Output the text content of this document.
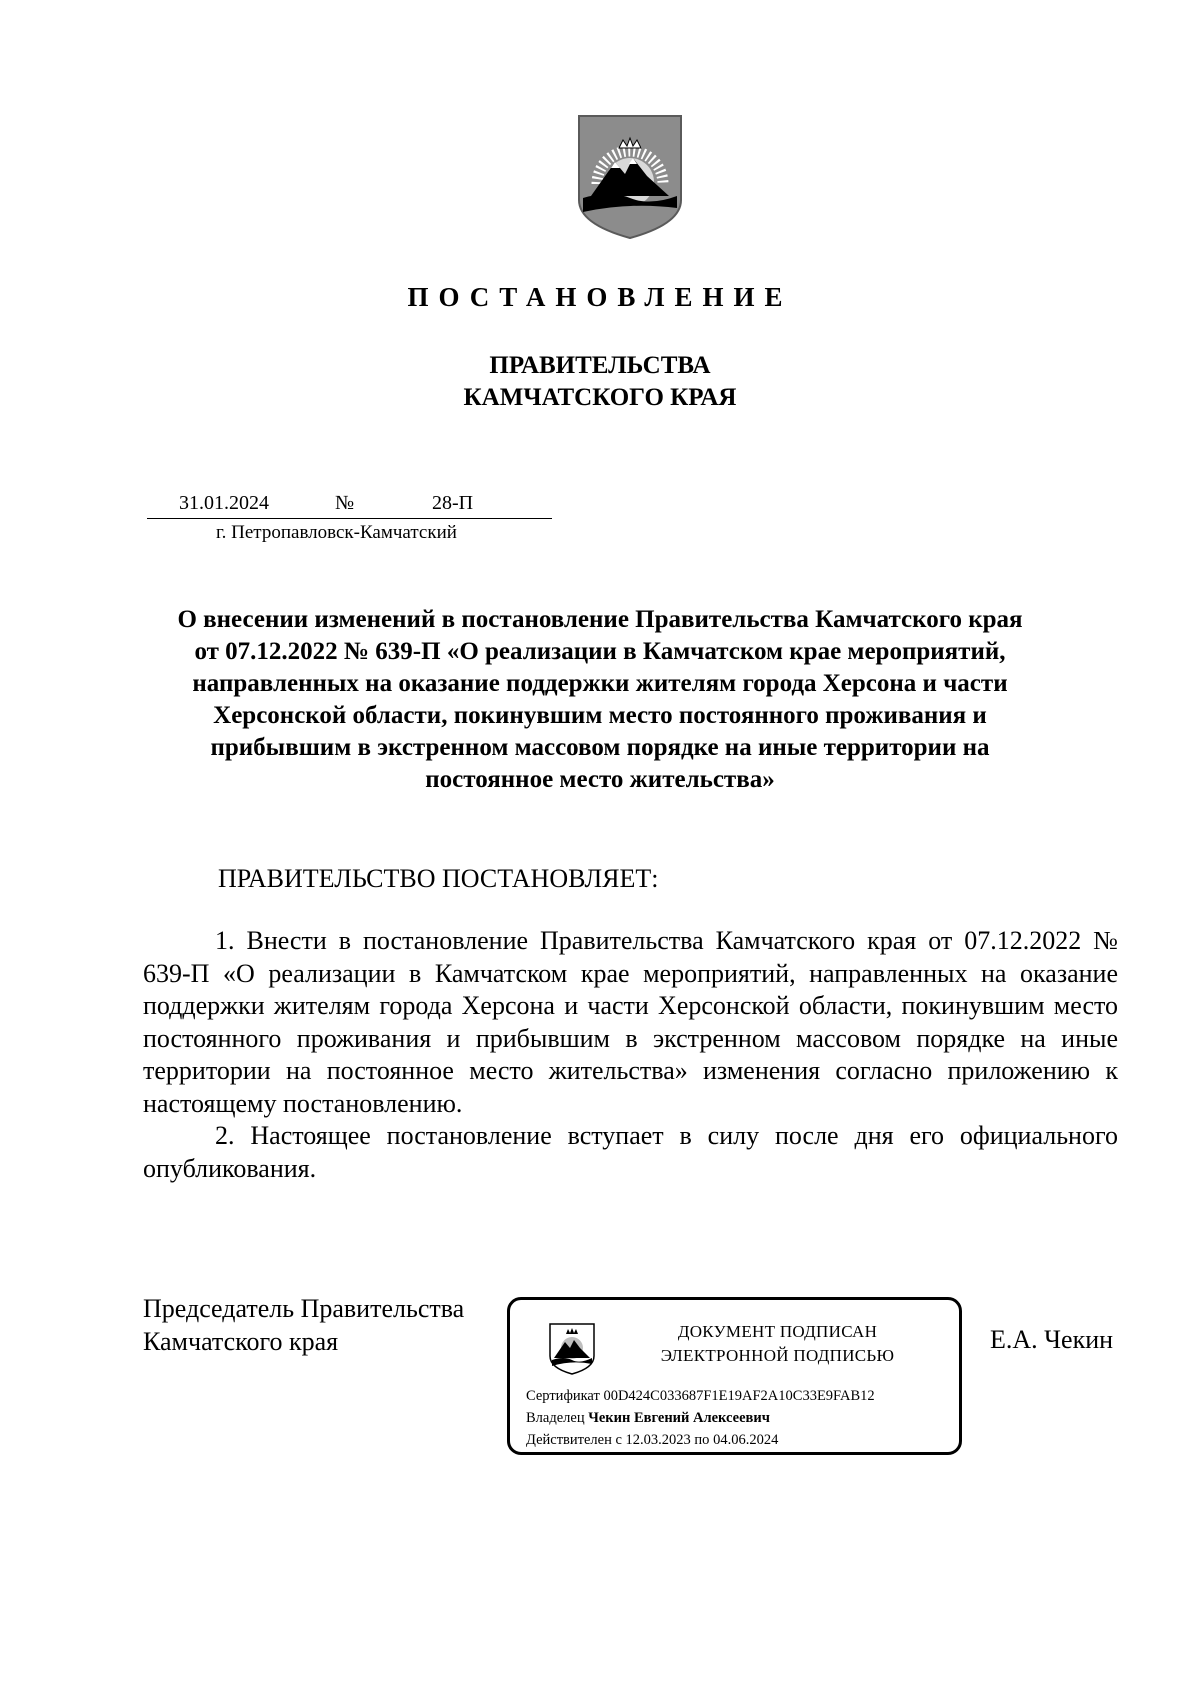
ПОСТАНОВЛЕНИЕ
ПРАВИТЕЛЬСТВА
КАМЧАТСКОГО КРАЯ
31.01.2024	№	28-П
г. Петропавловск-Камчатский
О внесении изменений в постановление Правительства Камчатского края
от 07.12.2022 № 639-П «О реализации в Камчатском крае мероприятий,
направленных на оказание поддержки жителям города Херсона и части
Херсонской области, покинувшим место постоянного проживания и
прибывшим в экстренном массовом порядке на иные территории на
постоянное место жительства»
ПРАВИТЕЛЬСТВО ПОСТАНОВЛЯЕТ:

1. Внести в постановление Правительства Камчатского края от 07.12.2022 № 639-П «О реализации в Камчатском крае мероприятий, направленных на оказание поддержки жителям города Херсона и части Херсонской области, покинувшим место постоянного проживания и прибывшим в экстренном массовом порядке на иные территории на постоянное место жительства» изменения согласно приложению к настоящему постановлению.

2. Настоящее постановление вступает в силу после дня его официального опубликования.

Председатель Правительства
Камчатского края	ДОКУМЕНТ ПОДПИСАН
ЭЛЕКТРОННОЙ ПОДПИСЬЮ
Сертификат 00D424C033687F1E19AF2A10C33E9FAB12
Владелец Чекин Евгений Алексеевич
Действителен с 12.03.2023 по 04.06.2024
Е.А. Чекин
